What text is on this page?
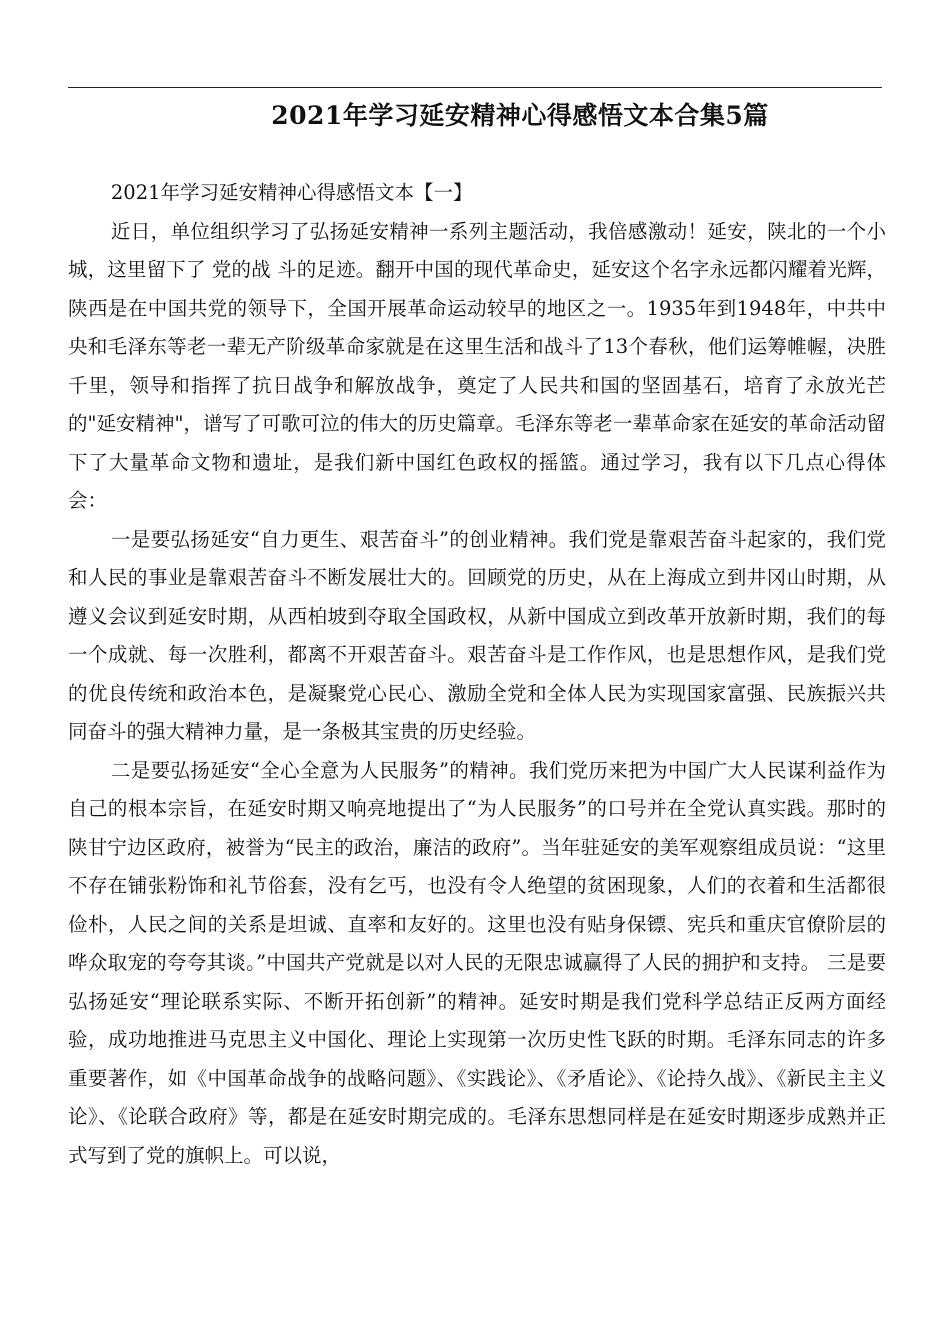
2021年学习延安精神心得感悟文本合集5篇

2021年学习延安精神心得感悟文本【一】

近日，单位组织学习了弘扬延安精神一系列主题活动，我倍感激动！延安，陕北的一个小城，这里留下了 党的战 斗的足迹。翻开中国的现代革命史，延安这个名字永远都闪耀着光辉，陕西是在中国共党的领导下，全国开展革命运动较早的地区之一。1935年到1948年，中共中央和毛泽东等老一辈无产阶级革命家就是在这里生活和战斗了13个春秋，他们运筹帷幄，决胜千里，领导和指挥了抗日战争和解放战争，奠定了人民共和国的坚固基石，培育了永放光芒的"延安精神"，谱写了可歌可泣的伟大的历史篇章。毛泽东等老一辈革命家在延安的革命活动留下了大量革命文物和遗址，是我们新中国红色政权的摇篮。通过学习，我有以下几点心得体会：

一是要弘扬延安“自力更生、艰苦奋斗”的创业精神。我们党是靠艰苦奋斗起家的，我们党和人民的事业是靠艰苦奋斗不断发展壮大的。回顾党的历史，从在上海成立到井冈山时期，从遵义会议到延安时期，从西柏坡到夺取全国政权，从新中国成立到改革开放新时期，我们的每一个成就、每一次胜利，都离不开艰苦奋斗。艰苦奋斗是工作作风，也是思想作风，是我们党的优良传统和政治本色，是凝聚党心民心、激励全党和全体人民为实现国家富强、民族振兴共同奋斗的强大精神力量，是一条极其宝贵的历史经验。

二是要弘扬延安“全心全意为人民服务”的精神。我们党历来把为中国广大人民谋利益作为自己的根本宗旨，在延安时期又响亮地提出了“为人民服务”的口号并在全党认真实践。那时的陕甘宁边区政府，被誉为“民主的政治，廉洁的政府”。当年驻延安的美军观察组成员说：“这里不存在铺张粉饰和礼节俗套，没有乞丐，也没有令人绝望的贫困现象，人们的衣着和生活都很俭朴，人民之间的关系是坦诚、直率和友好的。这里也没有贴身保镖、宪兵和重庆官僚阶层的哗众取宠的夸夸其谈。”中国共产党就是以对人民的无限忠诚赢得了人民的拥护和支持。 三是要弘扬延安“理论联系实际、不断开拓创新”的精神。延安时期是我们党科学总结正反两方面经验，成功地推进马克思主义中国化、理论上实现第一次历史性飞跃的时期。毛泽东同志的许多重要著作，如《中国革命战争的战略问题》、《实践论》、《矛盾论》、《论持久战》、《新民主主义论》、《论联合政府》等，都是在延安时期完成的。毛泽东思想同样是在延安时期逐步成熟并正式写到了党的旗帜上。可以说，
